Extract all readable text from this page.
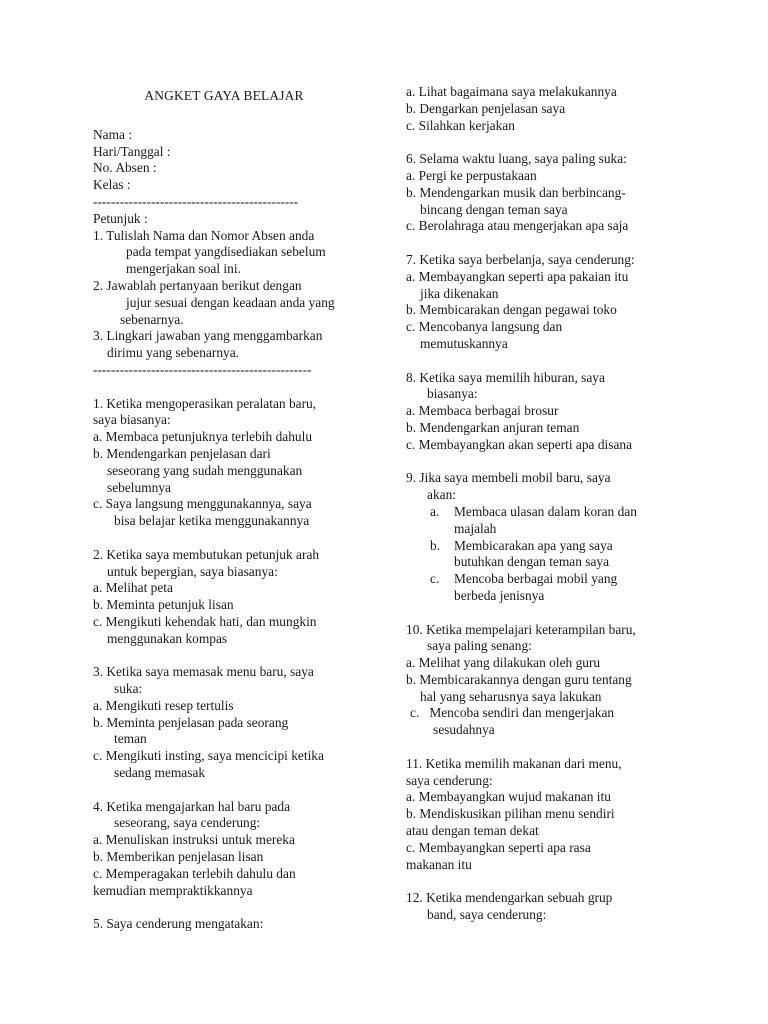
ANGKET GAYA BELAJAR
Nama :
Hari/Tanggal :
No. Absen :
Kelas :
----------------------------------------------
Petunjuk :
1. Tulislah Nama dan Nomor Absen anda
pada tempat yangdisediakan sebelum
mengerjakan soal ini.
2. Jawablah pertanyaan berikut dengan
jujur sesuai dengan keadaan anda yang
sebenarnya.
3. Lingkari jawaban yang menggambarkan
dirimu yang sebenarnya.
-------------------------------------------------
1. Ketika mengoperasikan peralatan baru,
saya biasanya:
a. Membaca petunjuknya terlebih dahulu
b. Mendengarkan penjelasan dari
seseorang yang sudah menggunakan
sebelumnya
c. Saya langsung menggunakannya, saya
bisa belajar ketika menggunakannya
2. Ketika saya membutukan petunjuk arah
untuk bepergian, saya biasanya:
a. Melihat peta
b. Meminta petunjuk lisan
c. Mengikuti kehendak hati, dan mungkin
menggunakan kompas
3. Ketika saya memasak menu baru, saya
suka:
a. Mengikuti resep tertulis
b. Meminta penjelasan pada seorang
teman
c. Mengikuti insting, saya mencicipi ketika
sedang memasak
4. Ketika mengajarkan hal baru pada
seseorang, saya cenderung:
a. Menuliskan instruksi untuk mereka
b. Memberikan penjelasan lisan
c. Memperagakan terlebih dahulu dan
kemudian mempraktikkannya
5. Saya cenderung mengatakan:
a. Lihat bagaimana saya melakukannya
b. Dengarkan penjelasan saya
c. Silahkan kerjakan
6. Selama waktu luang, saya paling suka:
a. Pergi ke perpustakaan
b. Mendengarkan musik dan berbincang-
bincang dengan teman saya
c. Berolahraga atau mengerjakan apa saja
7. Ketika saya berbelanja, saya cenderung:
a. Membayangkan seperti apa pakaian itu
jika dikenakan
b. Membicarakan dengan pegawai toko
c. Mencobanya langsung dan
memutuskannya
8. Ketika saya memilih hiburan, saya
biasanya:
a. Membaca berbagai brosur
b. Mendengarkan anjuran teman
c. Membayangkan akan seperti apa disana
9. Jika saya membeli mobil baru, saya
akan:
a. Membaca ulasan dalam koran dan
majalah
b. Membicarakan apa yang saya
butuhkan dengan teman saya
c. Mencoba berbagai mobil yang
berbeda jenisnya
10. Ketika mempelajari keterampilan baru,
saya paling senang:
a. Melihat yang dilakukan oleh guru
b. Membicarakannya dengan guru tentang
hal yang seharusnya saya lakukan
c.   Mencoba sendiri dan mengerjakan
sesudahnya
11. Ketika memilih makanan dari menu,
saya cenderung:
a. Membayangkan wujud makanan itu
b. Mendiskusikan pilihan menu sendiri
atau dengan teman dekat
c. Membayangkan seperti apa rasa
makanan itu
12. Ketika mendengarkan sebuah grup
band, saya cenderung:
